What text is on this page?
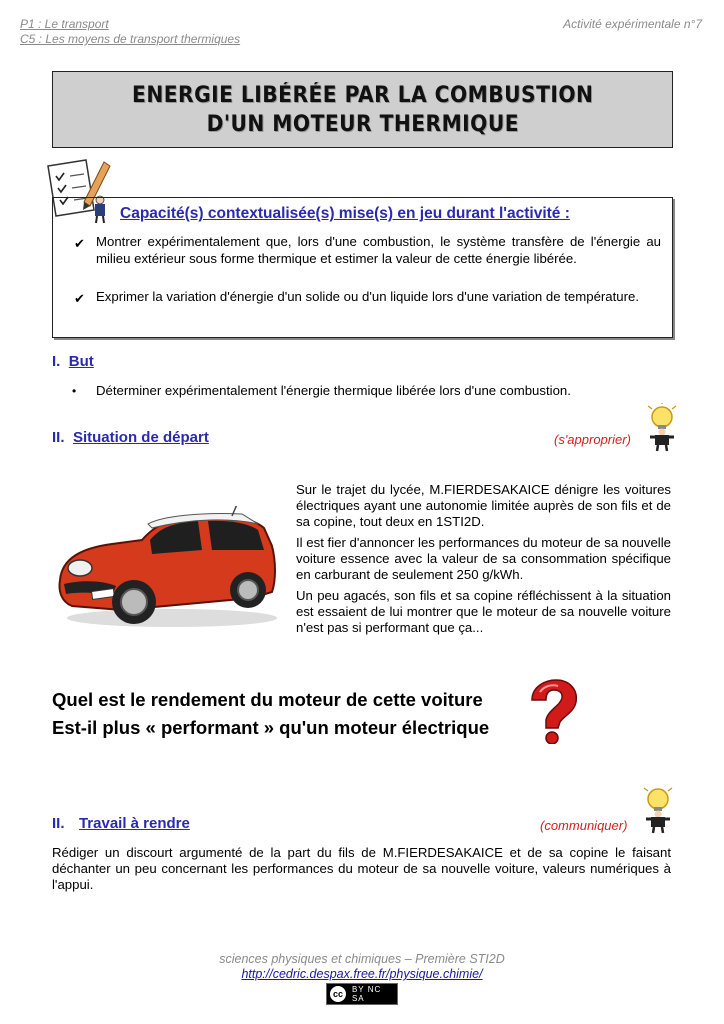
P1 : Le transport
C5 : Les moyens de transport thermiques
Activité expérimentale n°7
ENERGIE LIBÉRÉE PAR LA COMBUSTION
D'UN MOTEUR THERMIQUE
Capacité(s) contextualisée(s) mise(s) en jeu durant l'activité :
✔ Montrer expérimentalement que, lors d'une combustion, le système transfère de l'énergie au milieu extérieur sous forme thermique et estimer la valeur de cette énergie libérée.
✔ Exprimer la variation d'énergie d'un solide ou d'un liquide lors d'une variation de température.
I. But
• Déterminer expérimentalement l'énergie thermique libérée lors d'une combustion.
II. Situation de départ	(s'approprier)
Sur le trajet du lycée, M.FIERDESAKAICE dénigre les voitures électriques ayant une autonomie limitée auprès de son fils et de sa copine, tout deux en 1STI2D.
Il est fier d'annoncer les performances du moteur de sa nouvelle voiture essence avec la valeur de sa consommation spécifique en carburant de seulement 250 g/kWh.
Un peu agacés, son fils et sa copine réfléchissent à la situation est essaient de lui montrer que le moteur de sa nouvelle voiture n'est pas si performant que ça...
Quel est le rendement du moteur de cette voiture
Est-il plus « performant » qu'un moteur électrique
II. Travail à rendre	(communiquer)
Rédiger un discourt argumenté de la part du fils de M.FIERDESAKAICE et de sa copine le faisant déchanter un peu concernant les performances du moteur de sa nouvelle voiture, valeurs numériques à l'appui.
sciences physiques et chimiques – Première STI2D
http://cedric.despax.free.fr/physique.chimie/
cc	BY NC SA
